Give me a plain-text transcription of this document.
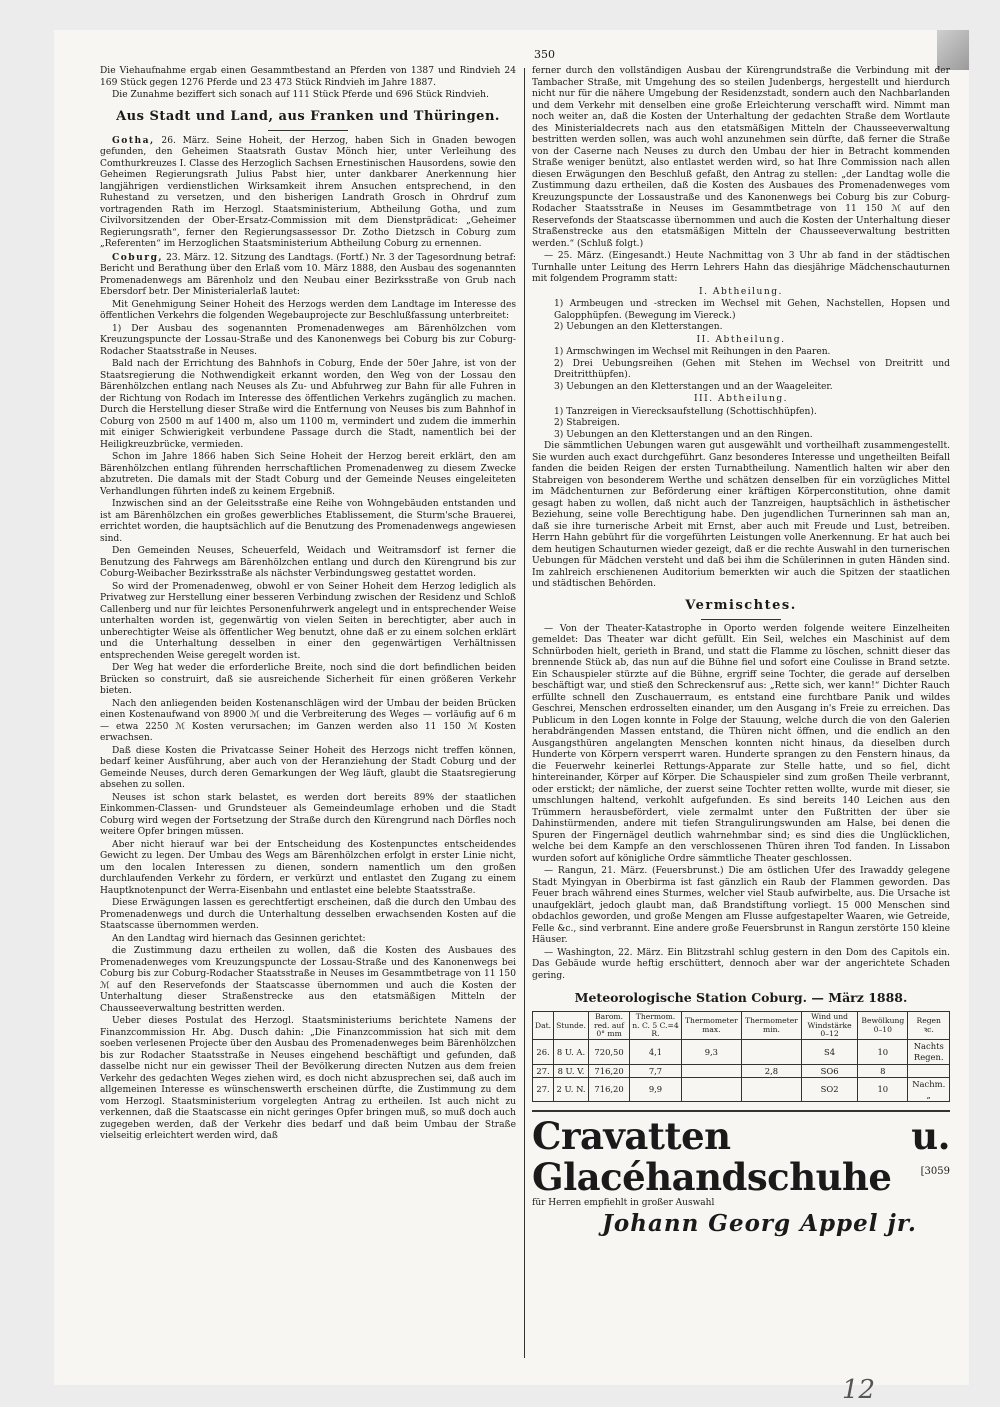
350

Die Viehaufnahme ergab einen Gesammtbestand an Pferden von 1387 und Rindvieh 24 169 Stück gegen 1276 Pferde und 23 473 Stück Rindvieh im Jahre 1887.

Die Zunahme beziffert sich sonach auf 111 Stück Pferde und 696 Stück Rindvieh.

Aus Stadt und Land, aus Franken und Thüringen.

Gotha, 26. März. Seine Hoheit, der Herzog, haben Sich in Gnaden bewogen gefunden, den Geheimen Staatsrath Gustav Mönch hier, unter Verleihung des Comthurkreuzes I. Classe des Herzoglich Sachsen Ernestinischen Hausordens, sowie den Geheimen Regierungsrath Julius Pabst hier, unter dankbarer Anerkennung hier langjährigen verdienstlichen Wirksamkeit ihrem Ansuchen entsprechend, in den Ruhestand zu versetzen, und den bisherigen Landrath Grosch in Ohrdruf zum vortragenden Rath im Herzogl. Staatsministerium, Abtheilung Gotha, und zum Civilvorsitzenden der Ober-Ersatz-Commission mit dem Dienstprädicat: „Geheimer Regierungsrath“, ferner den Regierungsassessor Dr. Zotho Dietzsch in Coburg zum „Referenten“ im Herzoglichen Staatsministerium Abtheilung Coburg zu ernennen.

Coburg, 23. März. 12. Sitzung des Landtags. (Fortf.) Nr. 3 der Tagesordnung betraf: Bericht und Berathung über den Erlaß vom 10. März 1888, den Ausbau des sogenannten Promenadenwegs am Bärenholz und den Neubau einer Bezirksstraße von Grub nach Ebersdorf betr. Der Ministerialerlaß lautet:

Mit Genehmigung Seiner Hoheit des Herzogs werden dem Landtage im Interesse des öffentlichen Verkehrs die folgenden Wegebauprojecte zur Beschlußfassung unterbreitet:

1) Der Ausbau des sogenannten Promenadenweges am Bärenhölzchen vom Kreuzungspuncte der Lossau-Straße und des Kanonenwegs bei Coburg bis zur Coburg-Rodacher Staatsstraße in Neuses.

Bald nach der Errichtung des Bahnhofs in Coburg, Ende der 50er Jahre, ist von der Staatsregierung die Nothwendigkeit erkannt worden, den Weg von der Lossau den Bärenhölzchen entlang nach Neuses als Zu- und Abfuhrweg zur Bahn für alle Fuhren in der Richtung von Rodach im Interesse des öffentlichen Verkehrs zugänglich zu machen. Durch die Herstellung dieser Straße wird die Entfernung von Neuses bis zum Bahnhof in Coburg von 2500 m auf 1400 m, also um 1100 m, vermindert und zudem die immerhin mit einiger Schwierigkeit verbundene Passage durch die Stadt, namentlich bei der Heiligkreuzbrücke, vermieden.

Schon im Jahre 1866 haben Sich Seine Hoheit der Herzog bereit erklärt, den am Bärenhölzchen entlang führenden herrschaftlichen Promenadenweg zu diesem Zwecke abzutreten. Die damals mit der Stadt Coburg und der Gemeinde Neuses eingeleiteten Verhandlungen führten indeß zu keinem Ergebniß.

Inzwischen sind an der Geleitsstraße eine Reihe von Wohngebäuden entstanden und ist am Bärenhölzchen ein großes gewerbliches Etablissement, die Sturm'sche Brauerei, errichtet worden, die hauptsächlich auf die Benutzung des Promenadenwegs angewiesen sind.

Den Gemeinden Neuses, Scheuerfeld, Weidach und Weitramsdorf ist ferner die Benutzung des Fahrwegs am Bärenhölzchen entlang und durch den Kürengrund bis zur Coburg-Weibacher Bezirksstraße als nächster Verbindungsweg gestattet worden.

So wird der Promenadenweg, obwohl er von Seiner Hoheit dem Herzog lediglich als Privatweg zur Herstellung einer besseren Verbindung zwischen der Residenz und Schloß Callenberg und nur für leichtes Personenfuhrwerk angelegt und in entsprechender Weise unterhalten worden ist, gegenwärtig von vielen Seiten in berechtigter, aber auch in unberechtigter Weise als öffentlicher Weg benutzt, ohne daß er zu einem solchen erklärt und die Unterhaltung desselben in einer den gegenwärtigen Verhältnissen entsprechenden Weise geregelt worden ist.

Der Weg hat weder die erforderliche Breite, noch sind die dort befindlichen beiden Brücken so construirt, daß sie ausreichende Sicherheit für einen größeren Verkehr bieten.

Nach den anliegenden beiden Kostenanschlägen wird der Umbau der beiden Brücken einen Kostenaufwand von 8900 ℳ und die Verbreiterung des Weges — vorläufig auf 6 m — etwa 2250 ℳ Kosten verursachen; im Ganzen werden also 11 150 ℳ Kosten erwachsen.

Daß diese Kosten die Privatcasse Seiner Hoheit des Herzogs nicht treffen können, bedarf keiner Ausführung, aber auch von der Heranziehung der Stadt Coburg und der Gemeinde Neuses, durch deren Gemarkungen der Weg läuft, glaubt die Staatsregierung absehen zu sollen.

Neuses ist schon stark belastet, es werden dort bereits 89% der staatlichen Einkommen-Classen- und Grundsteuer als Gemeindeumlage erhoben und die Stadt Coburg wird wegen der Fortsetzung der Straße durch den Kürengrund nach Dörfles noch weitere Opfer bringen müssen.

Aber nicht hierauf war bei der Entscheidung des Kostenpunctes entscheidendes Gewicht zu legen. Der Umbau des Wegs am Bärenhölzchen erfolgt in erster Linie nicht, um den localen Interessen zu dienen, sondern namentlich um den großen durchlaufenden Verkehr zu fördern, er verkürzt und entlastet den Zugang zu einem Hauptknotenpunct der Werra-Eisenbahn und entlastet eine belebte Staatsstraße.

Diese Erwägungen lassen es gerechtfertigt erscheinen, daß die durch den Umbau des Promenadenwegs und durch die Unterhaltung desselben erwachsenden Kosten auf die Staatscasse übernommen werden.

An den Landtag wird hiernach das Gesinnen gerichtet:

die Zustimmung dazu ertheilen zu wollen, daß die Kosten des Ausbaues des Promenadenweges vom Kreuzungspuncte der Lossau-Straße und des Kanonenwegs bei Coburg bis zur Coburg-Rodacher Staatsstraße in Neuses im Gesammtbetrage von 11 150 ℳ auf den Reservefonds der Staatscasse übernommen und auch die Kosten der Unterhaltung dieser Straßenstrecke aus den etatsmäßigen Mitteln der Chausseeverwaltung bestritten werden.

Ueber dieses Postulat des Herzogl. Staatsministeriums berichtete Namens der Finanzcommission Hr. Abg. Dusch dahin: „Die Finanzcommission hat sich mit dem soeben verlesenen Projecte über den Ausbau des Promenadenweges beim Bärenhölzchen bis zur Rodacher Staatsstraße in Neuses eingehend beschäftigt und gefunden, daß dasselbe nicht nur ein gewisser Theil der Bevölkerung directen Nutzen aus dem freien Verkehr des gedachten Weges ziehen wird, es doch nicht abzusprechen sei, daß auch im allgemeinen Interesse es wünschenswerth erscheinen dürfte, die Zustimmung zu dem vom Herzogl. Staatsministerium vorgelegten Antrag zu ertheilen. Ist auch nicht zu verkennen, daß die Staatscasse ein nicht geringes Opfer bringen muß, so muß doch auch zugegeben werden, daß der Verkehr dies bedarf und daß beim Umbau der Straße vielseitig erleichtert werden wird, daß

ferner durch den vollständigen Ausbau der Kürengrundstraße die Verbindung mit der Tambacher Straße, mit Umgehung des so steilen Judenbergs, hergestellt und hierdurch nicht nur für die nähere Umgebung der Residenzstadt, sondern auch den Nachbarlanden und dem Verkehr mit denselben eine große Erleichterung verschafft wird. Nimmt man noch weiter an, daß die Kosten der Unterhaltung der gedachten Straße dem Wortlaute des Ministerialdecrets nach aus den etatsmäßigen Mitteln der Chausseeverwaltung bestritten werden sollen, was auch wohl anzunehmen sein dürfte, daß ferner die Straße von der Caserne nach Neuses zu durch den Umbau der hier in Betracht kommenden Straße weniger benützt, also entlastet werden wird, so hat Ihre Commission nach allen diesen Erwägungen den Beschluß gefaßt, den Antrag zu stellen: „der Landtag wolle die Zustimmung dazu ertheilen, daß die Kosten des Ausbaues des Promenadenweges vom Kreuzungspuncte der Lossaustraße und des Kanonenwegs bei Coburg bis zur Coburg-Rodacher Staatsstraße in Neuses im Gesammtbetrage von 11 150 ℳ auf den Reservefonds der Staatscasse übernommen und auch die Kosten der Unterhaltung dieser Straßenstrecke aus den etatsmäßigen Mitteln der Chausseeverwaltung bestritten werden.“ (Schluß folgt.)

— 25. März. (Eingesandt.) Heute Nachmittag von 3 Uhr ab fand in der städtischen Turnhalle unter Leitung des Herrn Lehrers Hahn das diesjährige Mädchenschauturnen mit folgendem Programm statt:

I. Abtheilung.
1) Armbeugen und -strecken im Wechsel mit Gehen, Nachstellen, Hopsen und Galopphüpfen. (Bewegung im Viereck.)
2) Uebungen an den Kletterstangen.
II. Abtheilung.
1) Armschwingen im Wechsel mit Reihungen in den Paaren.
2) Drei Uebungsreihen (Gehen mit Stehen im Wechsel von Dreitritt und Dreitritthüpfen).
3) Uebungen an den Kletterstangen und an der Waageleiter.
III. Abtheilung.
1) Tanzreigen in Vierecksaufstellung (Schottischhüpfen).
2) Stabreigen.
3) Uebungen an den Kletterstangen und an den Ringen.

Die sämmtlichen Uebungen waren gut ausgewählt und vortheilhaft zusammengestellt. Sie wurden auch exact durchgeführt. Ganz besonderes Interesse und ungetheilten Beifall fanden die beiden Reigen der ersten Turnabtheilung. Namentlich halten wir aber den Stabreigen von besonderem Werthe und schätzen denselben für ein vorzügliches Mittel im Mädchenturnen zur Beförderung einer kräftigen Körperconstitution, ohne damit gesagt haben zu wollen, daß nicht auch der Tanzreigen, hauptsächlich in ästhetischer Beziehung, seine volle Berechtigung habe. Den jugendlichen Turnerinnen sah man an, daß sie ihre turnerische Arbeit mit Ernst, aber auch mit Freude und Lust, betreiben. Herrn Hahn gebührt für die vorgeführten Leistungen volle Anerkennung. Er hat auch bei dem heutigen Schauturnen wieder gezeigt, daß er die rechte Auswahl in den turnerischen Uebungen für Mädchen versteht und daß bei ihm die Schülerinnen in guten Händen sind. Im zahlreich erschienenen Auditorium bemerkten wir auch die Spitzen der staatlichen und städtischen Behörden.

Vermischtes.

— Von der Theater-Katastrophe in Oporto werden folgende weitere Einzelheiten gemeldet: Das Theater war dicht gefüllt. Ein Seil, welches ein Maschinist auf dem Schnürboden hielt, gerieth in Brand, und statt die Flamme zu löschen, schnitt dieser das brennende Stück ab, das nun auf die Bühne fiel und sofort eine Coulisse in Brand setzte. Ein Schauspieler stürzte auf die Bühne, ergriff seine Tochter, die gerade auf derselben beschäftigt war, und stieß den Schreckensruf aus: „Rette sich, wer kann!“ Dichter Rauch erfüllte schnell den Zuschauerraum, es entstand eine furchtbare Panik und wildes Geschrei, Menschen erdrosselten einander, um den Ausgang in's Freie zu erreichen. Das Publicum in den Logen konnte in Folge der Stauung, welche durch die von den Galerien herabdrängenden Massen entstand, die Thüren nicht öffnen, und die endlich an den Ausgangsthüren angelangten Menschen konnten nicht hinaus, da dieselben durch Hunderte von Körpern versperrt waren. Hunderte sprangen zu den Fenstern hinaus, da die Feuerwehr keinerlei Rettungs-Apparate zur Stelle hatte, und so fiel, dicht hintereinander, Körper auf Körper. Die Schauspieler sind zum großen Theile verbrannt, oder erstickt; der nämliche, der zuerst seine Tochter retten wollte, wurde mit dieser, sie umschlungen haltend, verkohlt aufgefunden. Es sind bereits 140 Leichen aus den Trümmern herausbefördert, viele zermalmt unter den Fußtritten der über sie Dahinstürmenden, andere mit tiefen Strangulirungswunden am Halse, bei denen die Spuren der Fingernägel deutlich wahrnehmbar sind; es sind dies die Unglücklichen, welche bei dem Kampfe an den verschlossenen Thüren ihren Tod fanden. In Lissabon wurden sofort auf königliche Ordre sämmtliche Theater geschlossen.

— Rangun, 21. März. (Feuersbrunst.) Die am östlichen Ufer des Irawaddy gelegene Stadt Myingyan in Oberbirma ist fast gänzlich ein Raub der Flammen geworden. Das Feuer brach während eines Sturmes, welcher viel Staub aufwirbelte, aus. Die Ursache ist unaufgeklärt, jedoch glaubt man, daß Brandstiftung vorliegt. 15 000 Menschen sind obdachlos geworden, und große Mengen am Flusse aufgestapelter Waaren, wie Getreide, Felle &c., sind verbrannt. Eine andere große Feuersbrunst in Rangun zerstörte 150 kleine Häuser.

— Washington, 22. März. Ein Blitzstrahl schlug gestern in den Dom des Capitols ein. Das Gebäude wurde heftig erschüttert, dennoch aber war der angerichtete Schaden gering.

Meteorologische Station Coburg. — März 1888.
Dat.	Stunde.	Barom. red. auf 0° mm	Thermom. n. C. 5 C.=4 R.	Thermometer max.	Thermometer min.	Wind und Windstärke 0–12	Bewölkung 0–10	Regen ꝛc.
26.	8 U. A.	720,50	4,1	9,3		S4	10	Nachts Regen.
27.	8 U. V.	716,20	7,7		2,8	SO6	8	
27.	2 U. N.	716,20	9,9			SO2	10	Nachm. „
Cravatten u. Glacéhandschuhe
für Herren empfiehlt in großer Auswahl
Johann Georg Appel jr.
[3059
12
